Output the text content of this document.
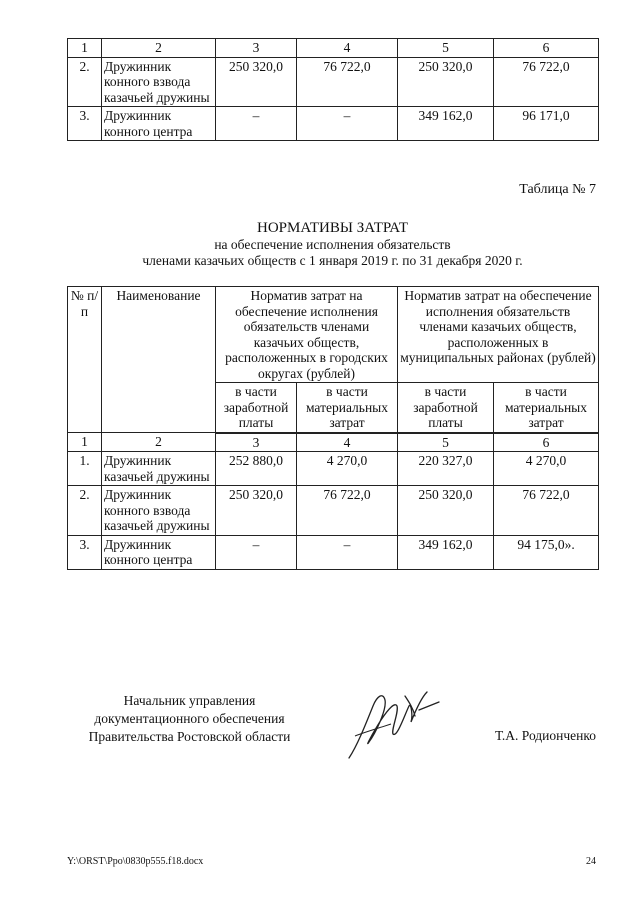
1	2	3	4	5	6
2.	Дружинник конного взвода казачьей дружины	250 320,0	76 722,0	250 320,0	76 722,0
3.	Дружинник конного центра	–	–	349 162,0	96 171,0
Таблица № 7
НОРМАТИВЫ ЗАТРАТ
на обеспечение исполнения обязательств
членами казачьих обществ с 1 января 2019 г. по 31 декабря 2020 г.
№ п/п	Наименование	Норматив затрат на обеспечение исполнения обязательств членами казачьих обществ, расположенных в городских округах (рублей)		Норматив затрат на обеспечение исполнения обязательств членами казачьих обществ, расположенных в муниципальных районах (рублей)	
		в части заработной платы	в части материальных затрат	в части заработной платы	в части материальных затрат
1	2	3	4	5	6
1.	Дружинник казачьей дружины	252 880,0	4 270,0	220 327,0	4 270,0
2.	Дружинник конного взвода казачьей дружины	250 320,0	76 722,0	250 320,0	76 722,0
3.	Дружинник конного центра	–	–	349 162,0	94 175,0».
Начальник управления документационного обеспечения Правительства Ростовской области	Т.А. Родионченко
Y:\ORST\Ppo\0830p555.f18.docx	24
